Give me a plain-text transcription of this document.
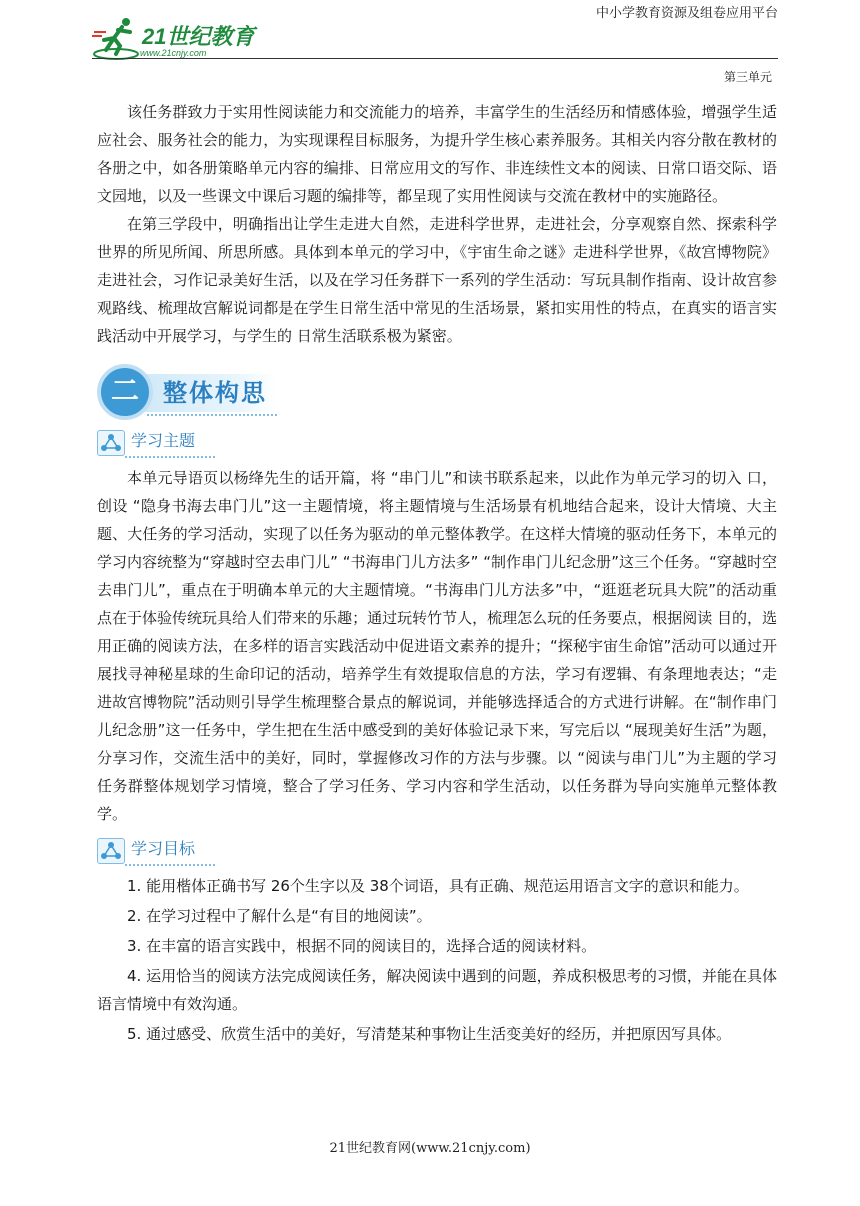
中小学教育资源及组卷应用平台
21世纪教育
www.21cnjy.com
第三单元

该任务群致力于实用性阅读能力和交流能力的培养，丰富学生的生活经历和情感体验，增强学生适应社会、服务社会的能力，为实现课程目标服务，为提升学生核心素养服务。其相关内容分散在教材的各册之中，如各册策略单元内容的编排、日常应用文的写作、非连续性文本的阅读、日常口语交际、语文园地，以及一些课文中课后习题的编排等，都呈现了实用性阅读与交流在教材中的实施路径。

在第三学段中，明确指出让学生走进大自然，走进科学世界，走进社会，分享观察自然、探索科学世界的所见所闻、所思所感。具体到本单元的学习中，《宇宙生命之谜》走进科学世界，《故宫博物院》走进社会，习作记录美好生活，以及在学习任务群下一系列的学生活动：写玩具制作指南、设计故宫参观路线、梳理故宫解说词都是在学生日常生活中常见的生活场景，紧扣实用性的特点，在真实的语言实践活动中开展学习，与学生的 日常生活联系极为紧密。

二	整体构思
学习主题

本单元导语页以杨绛先生的话开篇，将 “串门儿”和读书联系起来，以此作为单元学习的切入 口，创设 “隐身书海去串门儿”这一主题情境，将主题情境与生活场景有机地结合起来，设计大情境、大主题、大任务的学习活动，实现了以任务为驱动的单元整体教学。在这样大情境的驱动任务下，本单元的学习内容统整为“穿越时空去串门儿” “书海串门儿方法多” “制作串门儿纪念册”这三个任务。“穿越时空去串门儿”，重点在于明确本单元的大主题情境。“书海串门儿方法多”中，“逛逛老玩具大院”的活动重点在于体验传统玩具给人们带来的乐趣；通过玩转竹节人，梳理怎么玩的任务要点，根据阅读 目的，选用正确的阅读方法，在多样的语言实践活动中促进语文素养的提升；“探秘宇宙生命馆”活动可以通过开展找寻神秘星球的生命印记的活动，培养学生有效提取信息的方法，学习有逻辑、有条理地表达；“走进故宫博物院”活动则引导学生梳理整合景点的解说词，并能够选择适合的方式进行讲解。在“制作串门儿纪念册”这一任务中，学生把在生活中感受到的美好体验记录下来，写完后以 “展现美好生活”为题，分享习作，交流生活中的美好，同时，掌握修改习作的方法与步骤。以 “阅读与串门儿”为主题的学习任务群整体规划学习情境，整合了学习任务、学习内容和学生活动，以任务群为导向实施单元整体教学。

学习目标

1. 能用楷体正确书写 26个生字以及 38个词语，具有正确、规范运用语言文字的意识和能力。

2. 在学习过程中了解什么是“有目的地阅读”。

3. 在丰富的语言实践中，根据不同的阅读目的，选择合适的阅读材料。

4. 运用恰当的阅读方法完成阅读任务，解决阅读中遇到的问题，养成积极思考的习惯，并能在具体语言情境中有效沟通。

5. 通过感受、欣赏生活中的美好，写清楚某种事物让生活变美好的经历，并把原因写具体。

21世纪教育网(www.21cnjy.com)
